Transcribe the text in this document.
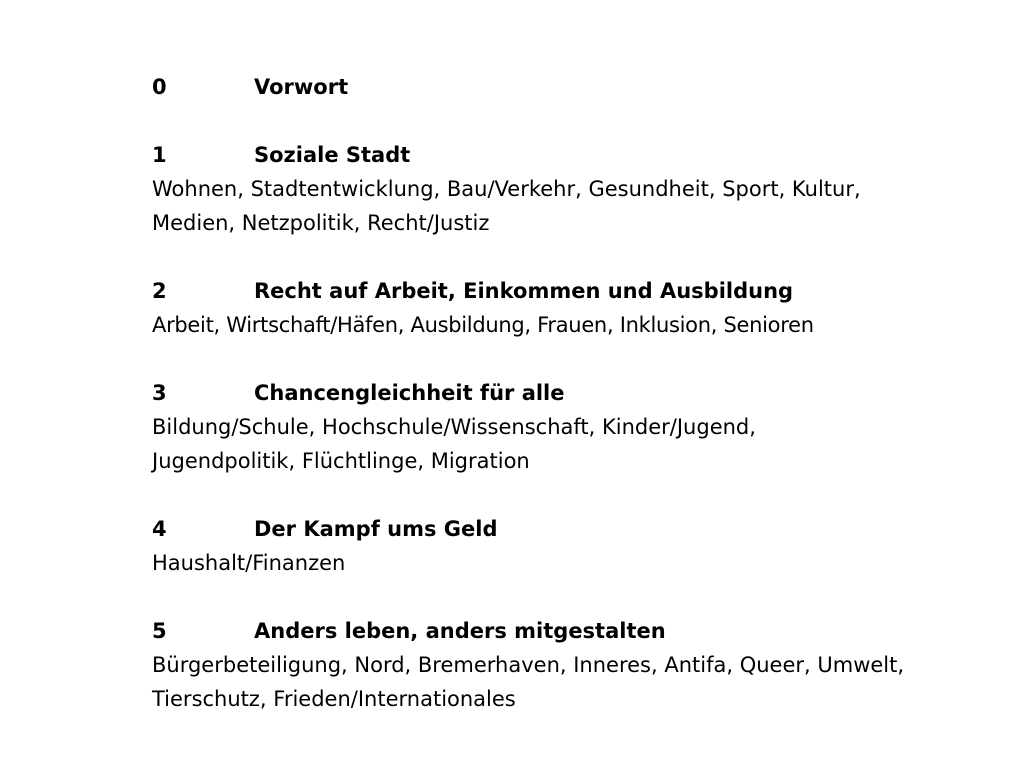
0	Vorwort
1	Soziale Stadt
Wohnen, Stadtentwicklung, Bau/Verkehr, Gesundheit, Sport, Kultur, Medien, Netzpolitik, Recht/Justiz
2	Recht auf Arbeit, Einkommen und Ausbildung
Arbeit, Wirtschaft/Häfen, Ausbildung, Frauen, Inklusion, Senioren
3	Chancengleichheit für alle
Bildung/Schule, Hochschule/Wissenschaft, Kinder/Jugend, Jugendpolitik, Flüchtlinge, Migration
4	Der Kampf ums Geld
Haushalt/Finanzen
5	Anders leben, anders mitgestalten
Bürgerbeteiligung, Nord, Bremerhaven, Inneres, Antifa, Queer, Umwelt, Tierschutz, Frieden/Internationales
